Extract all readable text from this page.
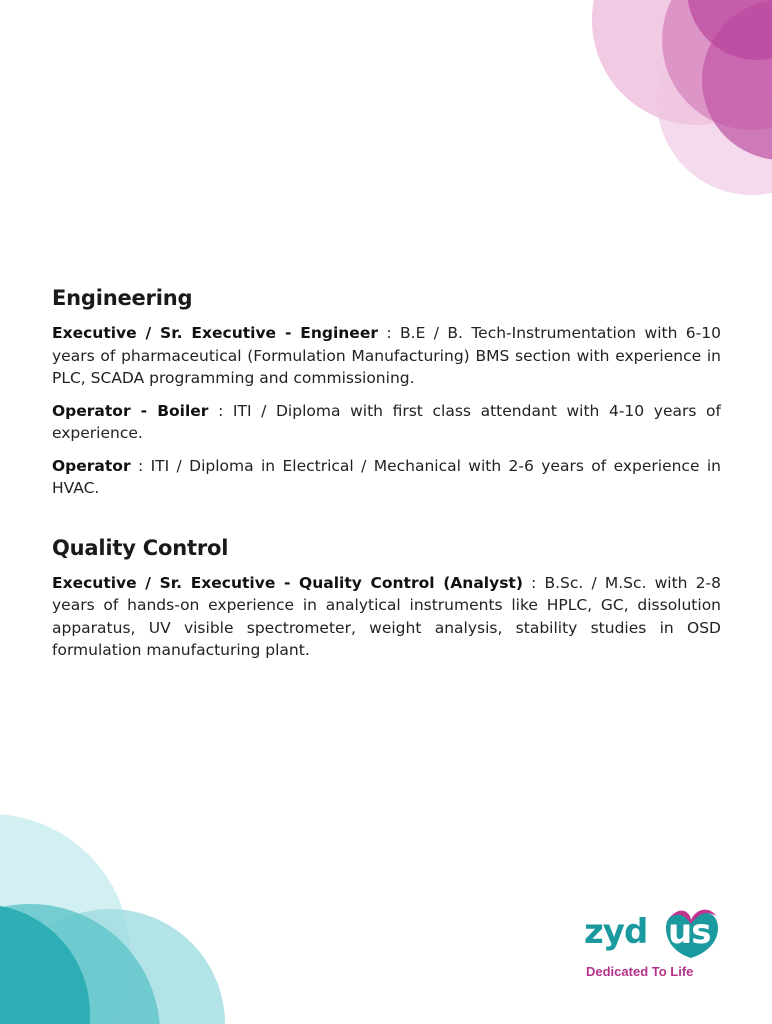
Engineering

Executive / Sr. Executive - Engineer : B.E / B. Tech-Instrumentation with 6-10 years of pharmaceutical (Formulation Manufacturing) BMS section with experience in PLC, SCADA programming and commissioning.

Operator - Boiler : ITI / Diploma with first class attendant with 4-10 years of experience.

Operator : ITI / Diploma in Electrical / Mechanical with 2-6 years of experience in HVAC.

Quality Control

Executive / Sr. Executive - Quality Control (Analyst) : B.Sc. / M.Sc. with 2-8 years of hands-on experience in analytical instruments like HPLC, GC, dissolution apparatus, UV visible spectrometer, weight analysis, stability studies in OSD formulation manufacturing plant.

zyd us
Dedicated To Life
